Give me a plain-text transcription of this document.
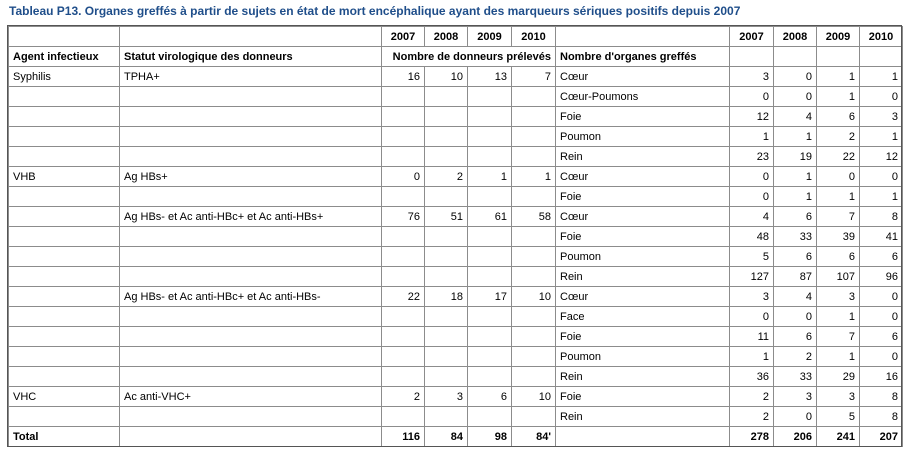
Tableau P13. Organes greffés à partir de sujets en état de mort encéphalique ayant des marqueurs sériques positifs depuis 2007
		2007	2008	2009	2010		2007	2008	2009	2010
Agent infectieux	Statut virologique des donneurs	Nombre de donneurs prélevés				Nombre d'organes greffés				
Syphilis	TPHA+	16	10	13	7	Cœur	3	0	1	1
						Cœur-Poumons	0	0	1	0
						Foie	12	4	6	3
						Poumon	1	1	2	1
						Rein	23	19	22	12
VHB	Ag HBs+	0	2	1	1	Cœur	0	1	0	0
						Foie	0	1	1	1
	Ag HBs- et Ac anti-HBc+ et Ac anti-HBs+	76	51	61	58	Cœur	4	6	7	8
						Foie	48	33	39	41
						Poumon	5	6	6	6
						Rein	127	87	107	96
	Ag HBs- et Ac anti-HBc+ et Ac anti-HBs-	22	18	17	10	Cœur	3	4	3	0
						Face	0	0	1	0
						Foie	11	6	7	6
						Poumon	1	2	1	0
						Rein	36	33	29	16
VHC	Ac anti-VHC+	2	3	6	10	Foie	2	3	3	8
						Rein	2	0	5	8
Total		116	84	98	84'		278	206	241	207
